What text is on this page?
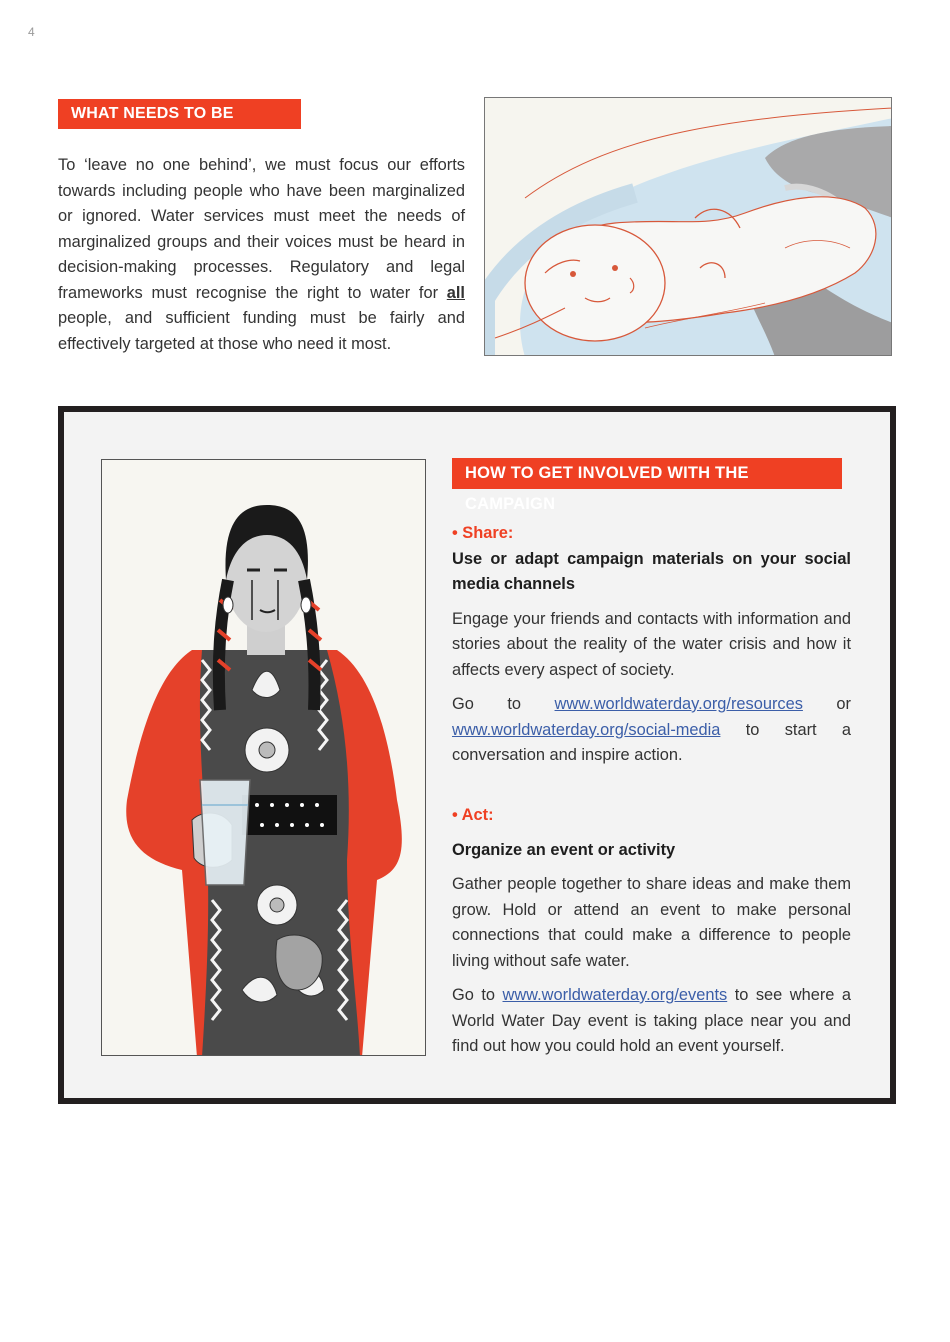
4
WHAT NEEDS TO BE DONE?

To ‘leave no one behind’, we must focus our efforts towards including people who have been marginalized or ignored. Water services must meet the needs of marginalized groups and their voices must be heard in decision-making processes. Regulatory and legal frameworks must recognise the right to water for all people, and sufficient funding must be fairly and effectively targeted at those who need it most.

HOW TO GET INVOLVED WITH THE CAMPAIGN
• Share:

Use or adapt campaign materials on your social media channels

Engage your friends and contacts with information and stories about the reality of the water crisis and how it affects every aspect of society.

Go to www.worldwaterday.org/resources or www.worldwaterday.org/social-media to start a conversation and inspire action.

• Act:

Organize an event or activity

Gather people together to share ideas and make them grow. Hold or attend an event to make personal connections that could make a difference to people living without safe water.

Go to www.worldwaterday.org/events to see where a World Water Day event is taking place near you and find out how you could hold an event yourself.
